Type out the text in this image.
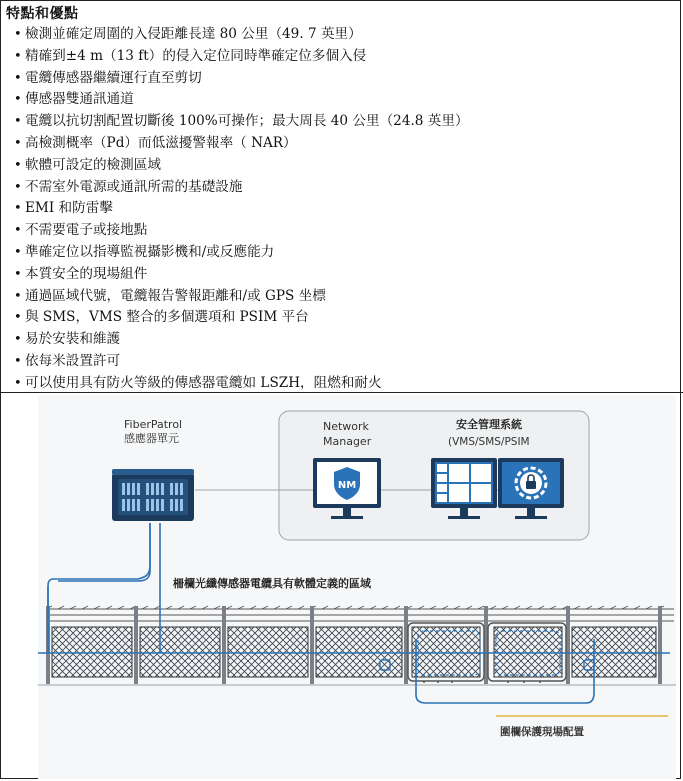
特點和優點
• 檢測並確定周圍的入侵距離長達 80 公里（49. 7 英里）
• 精確到±4 m（13 ft）的侵入定位同時準確定位多個入侵
• 電纜傳感器繼續運行直至剪切
• 傳感器雙通訊通道
• 電纜以抗切割配置切斷後 100%可操作；最大周長 40 公里（24.8 英里）
• 高檢測概率（Pd）而低滋擾警報率（ NAR）
• 軟體可設定的檢測區域
• 不需室外電源或通訊所需的基礎設施
• EMI 和防雷擊
• 不需要電子或接地點
• 準確定位以指導監視攝影機和/或反應能力
• 本質安全的現場組件
• 通過區域代號，電纜報告警報距離和/或 GPS 坐標
• 與 SMS，VMS 整合的多個選項和 PSIM 平台
• 易於安裝和維護
• 依每米設置許可
• 可以使用具有防火等級的傳感器電纜如 LSZH，阻燃和耐火
FiberPatrol
感應器單元
Network
Manager
NM
安全管理系統
(VMS/SMS/PSIM
柵欄光纖傳感器電纜具有軟體定義的區域
圍欄保護現場配置
